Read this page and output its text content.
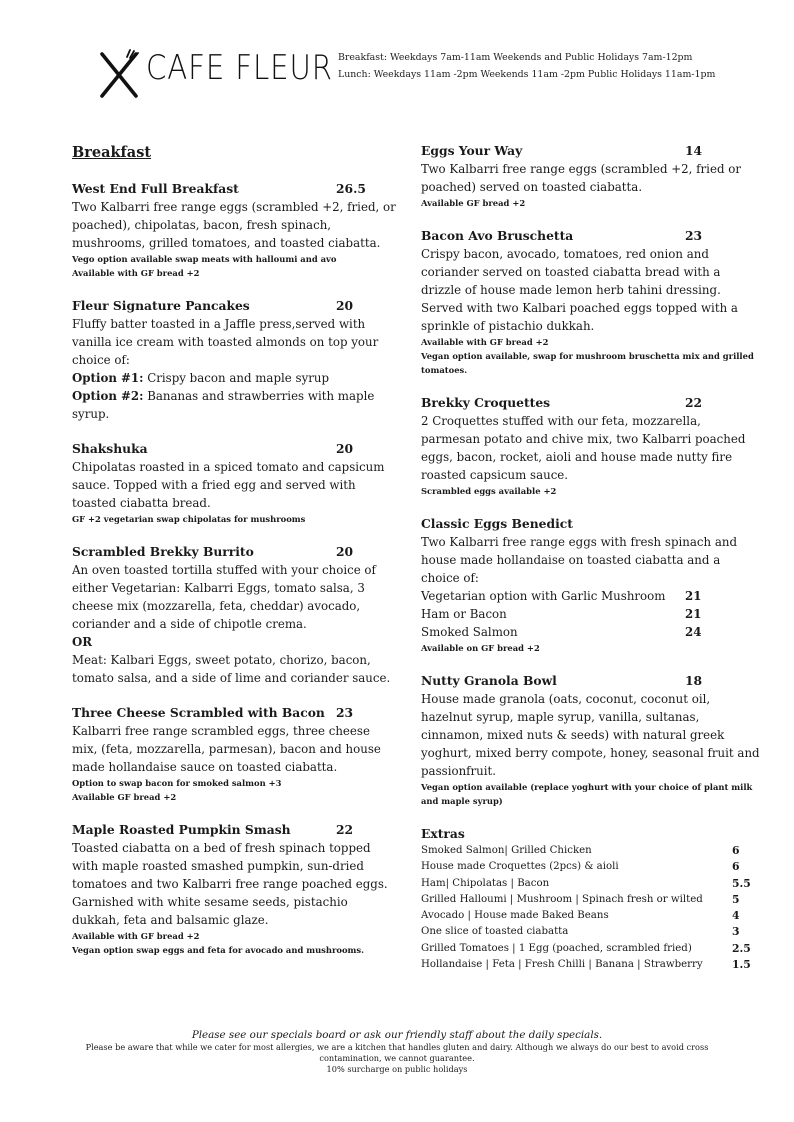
CAFE FLEUR Breakfast: Weekdays 7am-11am Weekends and Public Holidays 7am-12pm
Lunch: Weekdays 11am -2pm Weekends 11am -2pm Public Holidays 11am-1pm
Breakfast
West End Full Breakfast	26.5

Two Kalbarri free range eggs (scrambled +2, fried, or poached), chipolatas, bacon, fresh spinach, mushrooms, grilled tomatoes, and toasted ciabatta.

Vego option available swap meats with halloumi and avo

Available with GF bread +2

Fleur Signature Pancakes	20

Fluffy batter toasted in a Jaffle press,served with vanilla ice cream with toasted almonds on top your choice of:

Option #1: Crispy bacon and maple syrup

Option #2: Bananas and strawberries with maple syrup.

Shakshuka	20

Chipolatas roasted in a spiced tomato and capsicum sauce. Topped with a fried egg and served with toasted ciabatta bread.

GF +2 vegetarian swap chipolatas for mushrooms

Scrambled Brekky Burrito	20

An oven toasted tortilla stuffed with your choice of either Vegetarian: Kalbarri Eggs, tomato salsa, 3 cheese mix (mozzarella, feta, cheddar) avocado, coriander and a side of chipotle crema.

OR

Meat: Kalbari Eggs, sweet potato, chorizo, bacon, tomato salsa, and a side of lime and coriander sauce.

Three Cheese Scrambled with Bacon 23

Kalbarri free range scrambled eggs, three cheese mix, (feta, mozzarella, parmesan), bacon and house made hollandaise sauce on toasted ciabatta.

Option to swap bacon for smoked salmon +3

Available GF bread +2

Maple Roasted Pumpkin Smash	22

Toasted ciabatta on a bed of fresh spinach topped with maple roasted smashed pumpkin, sun-dried tomatoes and two Kalbarri free range poached eggs. Garnished with white sesame seeds, pistachio dukkah, feta and balsamic glaze.

Available with GF bread +2

Vegan option swap eggs and feta for avocado and mushrooms.

Eggs Your Way	14

Two Kalbarri free range eggs (scrambled +2, fried or poached) served on toasted ciabatta.

Available GF bread +2

Bacon Avo Bruschetta	23

Crispy bacon, avocado, tomatoes, red onion and coriander served on toasted ciabatta bread with a drizzle of house made lemon herb tahini dressing. Served with two Kalbari poached eggs topped with a sprinkle of pistachio dukkah.

Available with GF bread +2

Vegan option available, swap for mushroom bruschetta mix and grilled tomatoes.

Brekky Croquettes	22

2 Croquettes stuffed with our feta, mozzarella, parmesan potato and chive mix, two Kalbarri poached eggs, bacon, rocket, aioli and house made nutty fire roasted capsicum sauce.

Scrambled eggs available +2

Classic Eggs Benedict

Two Kalbarri free range eggs with fresh spinach and house made hollandaise on toasted ciabatta and a choice of:

Vegetarian option with Garlic Mushroom 21
Ham or Bacon	21
Smoked Salmon	24

Available on GF bread +2

Nutty Granola Bowl	18

House made granola (oats, coconut, coconut oil, hazelnut syrup, maple syrup, vanilla, sultanas, cinnamon, mixed nuts & seeds) with natural greek yoghurt, mixed berry compote, honey, seasonal fruit and passionfruit.

Vegan option available (replace yoghurt with your choice of plant milk and maple syrup)

Extras
Smoked Salmon| Grilled Chicken	6
House made Croquettes (2pcs) & aioli	6
Ham| Chipolatas | Bacon	5.5
Grilled Halloumi | Mushroom | Spinach fresh or wilted	5
Avocado | House made Baked Beans	4
One slice of toasted ciabatta	3
Grilled Tomatoes | 1 Egg (poached, scrambled fried)	2.5
Hollandaise | Feta | Fresh Chilli | Banana | Strawberry	1.5
Please see our specials board or ask our friendly staff about the daily specials.
Please be aware that while we cater for most allergies, we are a kitchen that handles gluten and dairy. Although we always do our best to avoid cross
contamination, we cannot guarantee.
10% surcharge on public holidays
